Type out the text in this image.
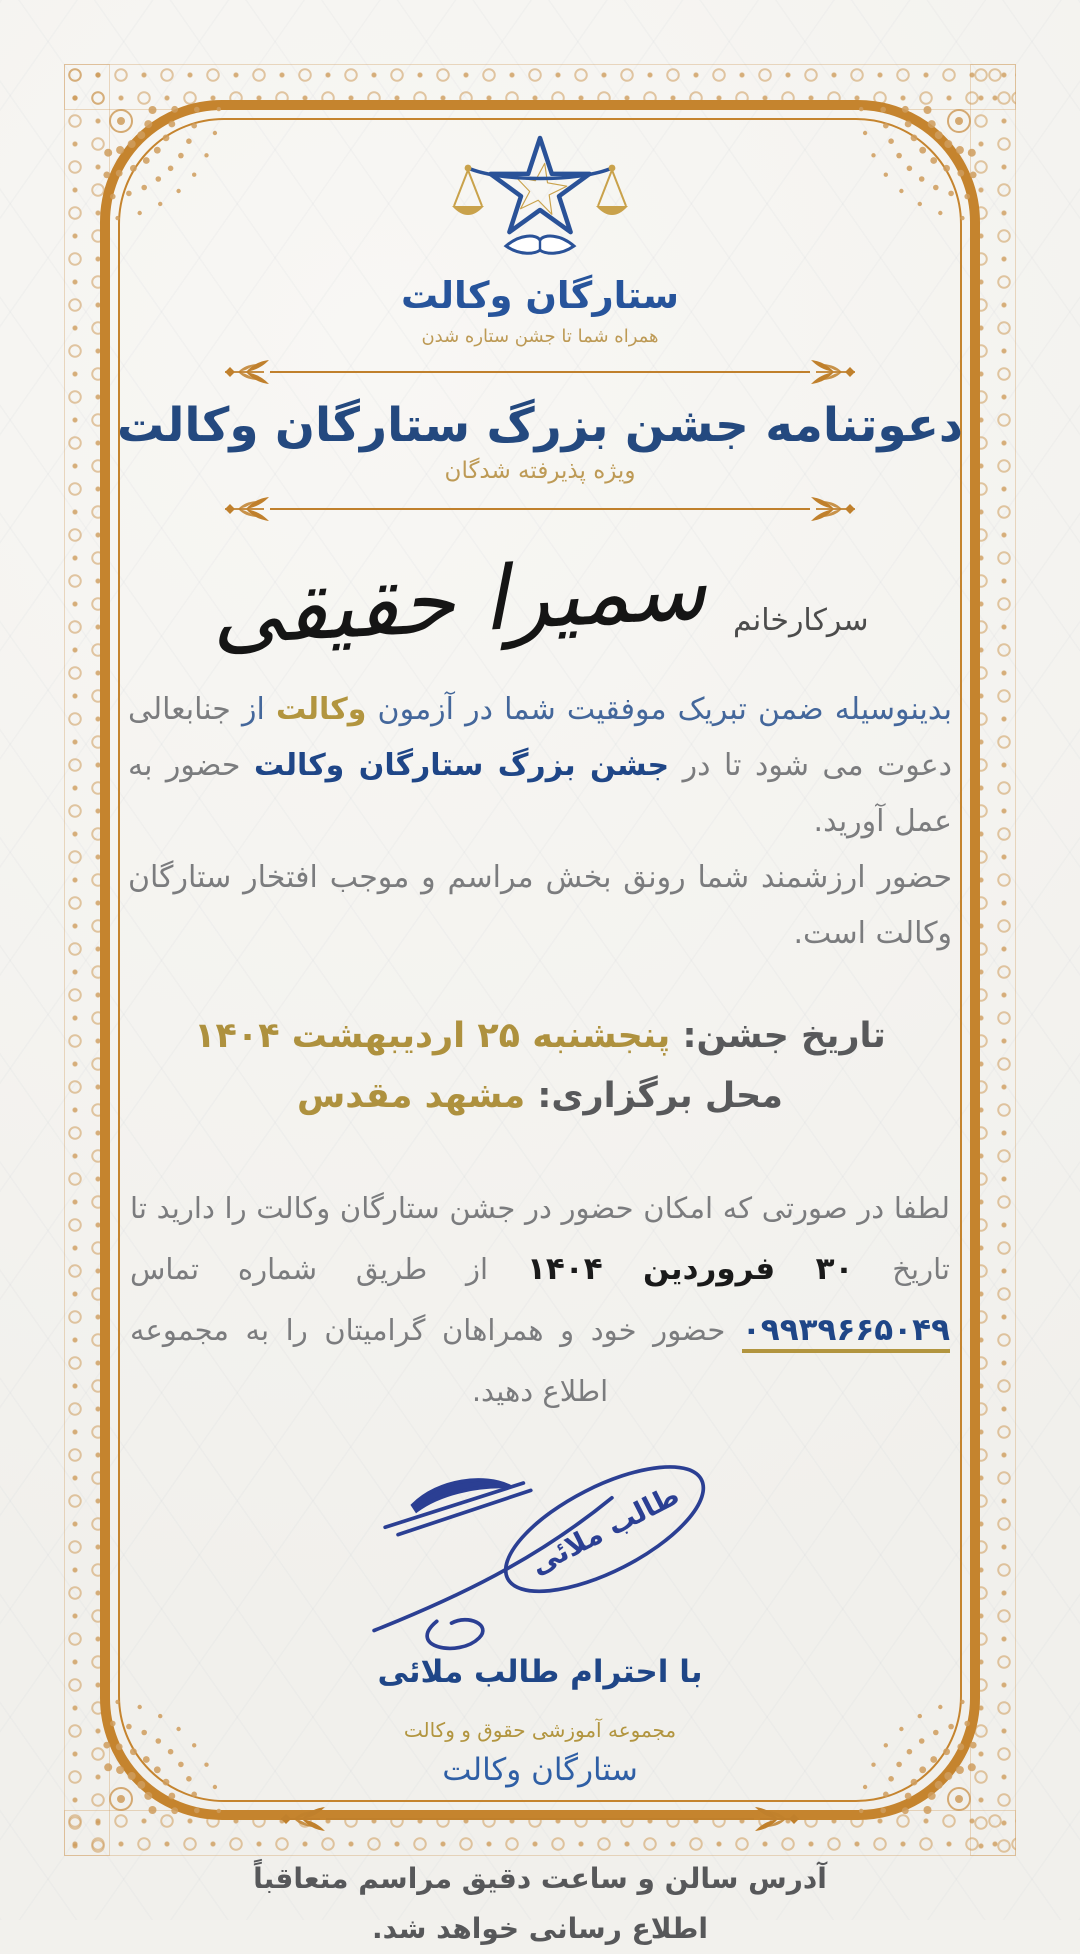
ستارگان وکالت
همراه شما تا جشن ستاره شدن
دعوتنامه جشن بزرگ ستارگان وکالت
ویژه پذیرفته شدگان
سرکارخانم
سمیرا حقیقی

بدینوسیله ضمن تبریک موفقیت شما در آزمون وکالت از جنابعالی دعوت می شود تا در جشن بزرگ ستارگان وکالت حضور به عمل آورید.

حضور ارزشمند شما رونق بخش مراسم و موجب افتخار ستارگان وکالت است.

تاریخ جشن: پنجشنبه ۲۵ اردیبهشت ۱۴۰۴
محل برگزاری: مشهد مقدس
لطفا در صورتی که امکان حضور در جشن ستارگان وکالت را دارید تا تاریخ ۳۰ فروردین ۱۴۰۴ از طریق شماره تماس ۰۹۹۳۹۶۶۵۰۴۹ حضور خود و همراهان گرامیتان را به مجموعه اطلاع دهید.
طالب ملائی
با احترام طالب ملائی
مجموعه آموزشی حقوق و وکالت
ستارگان وکالت
آدرس سالن و ساعت دقیق مراسم متعاقباً
اطلاع رسانی خواهد شد.
